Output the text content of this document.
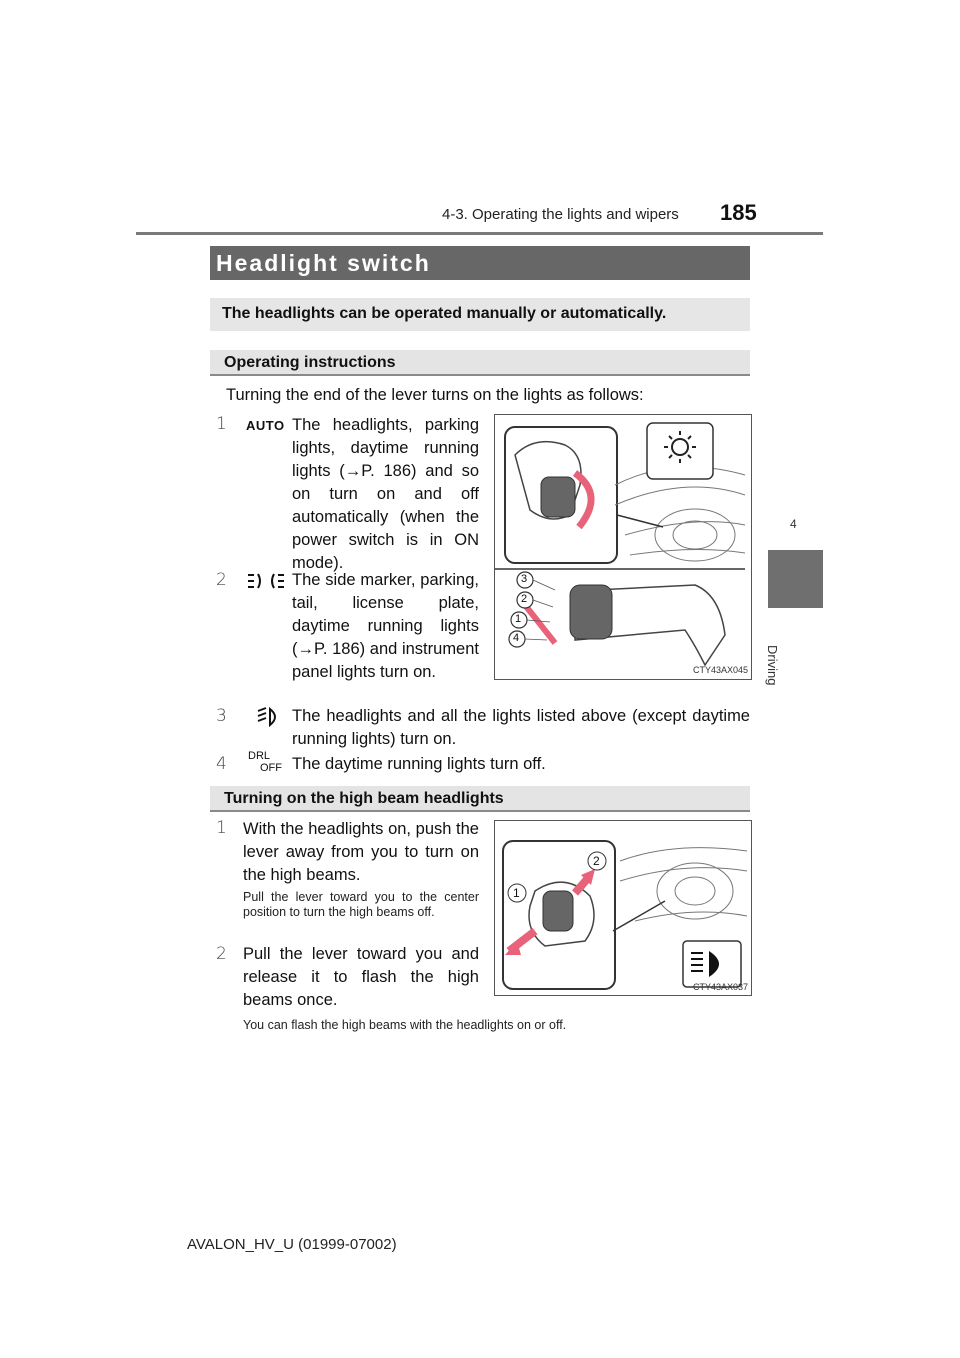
4-3. Operating the lights and wipers 185
4
Driving
Headlight switch
The headlights can be operated manually or automatically.
Operating instructions
Turning the end of the lever turns on the lights as follows:
1 AUTO The headlights, parking lights, daytime running lights (→P. 186) and so on turn on and off automatically (when the power switch is in ON mode).
2	The side marker, parking, tail, license plate, daytime running lights (→P. 186) and instrument panel lights turn on.
3
2
1
4
CTY43AX045
3	The headlights and all the lights listed above (except daytime running lights) turn on.
4 DRL
OFF The daytime running lights turn off.
Turning on the high beam headlights
1 With the headlights on, push the lever away from you to turn on the high beams.
Pull the lever toward you to the center position to turn the high beams off.
2 Pull the lever toward you and release it to flash the high beams once.
You can flash the high beams with the headlights on or off.
1
2
CTY43AX037
AVALON_HV_U (01999-07002)
